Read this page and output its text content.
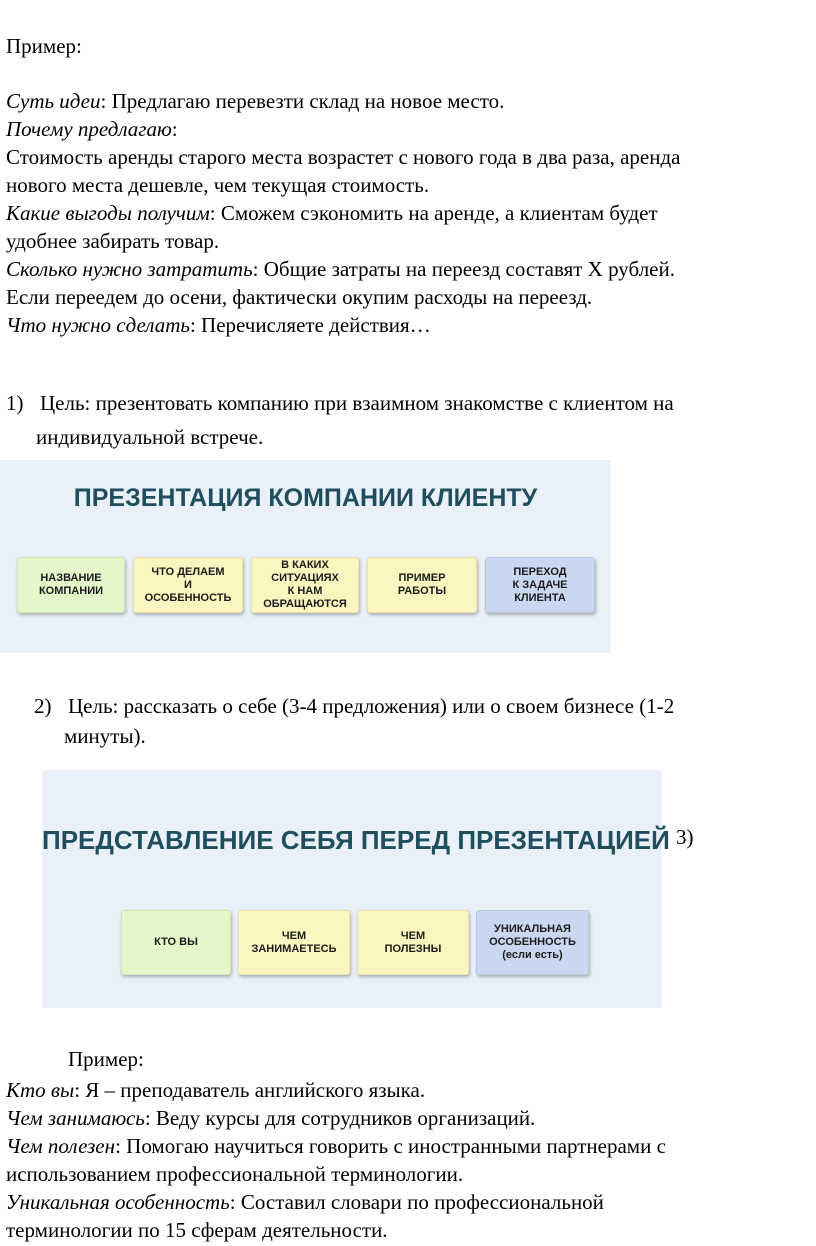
Пример:
Суть идеи: Предлагаю перевезти склад на новое место.
Почему предлагаю:
Стоимость аренды старого места возрастет с нового года в два раза, аренда
нового места дешевле, чем текущая стоимость.
Какие выгоды получим: Сможем сэкономить на аренде, а клиентам будет
удобнее забирать товар.
Сколько нужно затратить: Общие затраты на переезд составят Х рублей.
Если переедем до осени, фактически окупим расходы на переезд.
Что нужно сделать: Перечисляете действия…
1) Цель: презентовать компанию при взаимном знакомстве с клиентом на
индивидуальной встрече.
ПРЕЗЕНТАЦИЯ КОМПАНИИ КЛИЕНТУ
НАЗВАНИЕ
КОМПАНИИ
ЧТО ДЕЛАЕМ
И
ОСОБЕННОСТЬ
В КАКИХ
СИТУАЦИЯХ
К НАМ
ОБРАЩАЮТСЯ
ПРИМЕР
РАБОТЫ
ПЕРЕХОД
К ЗАДАЧЕ
КЛИЕНТА
2) Цель: рассказать о себе (3-4 предложения) или о своем бизнесе (1-2
минуты).
ПРЕДСТАВЛЕНИЕ СЕБЯ ПЕРЕД ПРЕЗЕНТАЦИЕЙ
КТО ВЫ
ЧЕМ
ЗАНИМАЕТЕСЬ
ЧЕМ
ПОЛЕЗНЫ
УНИКАЛЬНАЯ
ОСОБЕННОСТЬ
(если есть)
3)
Пример:
Кто вы: Я – преподаватель английского языка.
Чем занимаюсь: Веду курсы для сотрудников организаций.
Чем полезен: Помогаю научиться говорить с иностранными партнерами с
использованием профессиональной терминологии.
Уникальная особенность: Составил словари по профессиональной
терминологии по 15 сферам деятельности.
